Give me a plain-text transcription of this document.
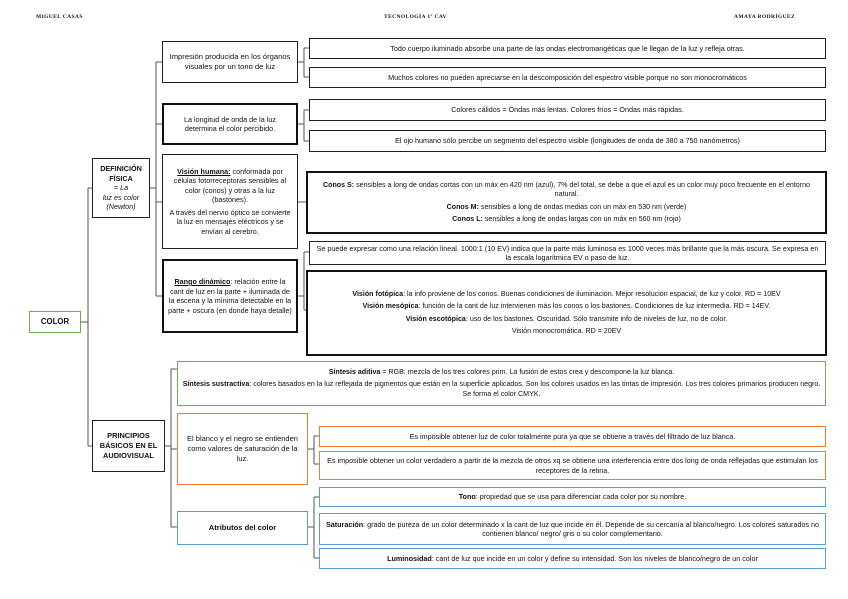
MIGUEL CASAS	TECNOLOGÍA 1º CAV	AMAYA RODRÍGUEZ
COLOR
DEFINICIÓN FÍSICA

= La

luz es color
(Newton)
Impresión producida en los órganos visuales por un tono de luz
Todo cuerpo iluminado absorbe una parte de las ondas electromangéticas que le llegan de la luz y refleja otras.
Muchos colores no pueden apreciarse en la descomposición del espectro visible porque no son monocromáticos
La longitud de onda de la luz determina el color percibido.
Colores cálidos = Ondas más lentas. Colores fríos = Ondas más rápidas.
El ojo humano sólo percibe un segmento del espectro visible (longitudes de onda de 380 a 750 nanómetros)

Visión humana: conformada por células fotorreceptoras sensibles al color (conos) y otras a la luz (bastones).

A través del nervio óptico se convierte la luz en mensajes eléctricos y se envían al cerebro.

Conos S: sensibles a long de ondas cortas con un máx en 420 nm (azul), 7% del total, se debe a que el azul es un color muy poco frecuente en el entorno natural.

Conos M: sensibles a long de ondas medias con un máx en 530 nm (verde)

Conos L: sensibles a long de ondas largas con un máx en 560 nm (rojo)

Rango dinámico: relación entre la cant de luz en la parte + iluminada de la escena y la mínima detectable en la parte + oscura (en donde haya detalle)
Se puede expresar como una relación lineal. 1000:1 (10 EV) indica que la parte más luminosa es 1000 veces más brillante que la más oscura. Se expresa en la escala logarítmica EV o paso de luz.

Visión fotópica: la info proviene de los conos. Buenas condiciones de iluminación. Mejor resolución espacial, de luz y color. RD = 10EV

Visión mesópica: función de la cant de luz intervienen más los conos o los bastones. Condiciones de luz intermedia. RD = 14EV.

Visión escotópica: uso de los bastones. Oscuridad. Sólo transmite info de niveles de luz, no de color.

Visión monocromática. RD = 20EV

PRINCIPIOS BÁSICOS EN EL AUDIOVISUAL

Síntesis aditiva = RGB: mezcla de los tres colores prim. La fusión de estos crea y descompone la luz blanca.

Síntesis sustractiva: colores basados en la luz reflejada de pigmentos que están en la superficie aplicados. Son los colores usados en las tintas de impresión. Los tres colores primarios producen negro. Se forma el color CMYK.

El blanco y el negro se entienden como valores de saturación de la luz.
Es imposible obtener luz de color totalmente pura ya que se obtiene a través del filtrado de luz blanca.
Es imposible obtener un color verdadero a partir de la mezcla de otros xq se obtiene una interferencia entre dos long de onda reflejadas que estimulan los receptores de la retina.
Atributos del color
Tono: propiedad que se usa para diferenciar cada color por su nombre.
Saturación: grado de pureza de un color determinado x la cant de luz que incide en él. Depende de su cercanía al blanco/negro. Los colores saturados no contienen blanco/ negro/ gris o su color complementario.
Luminosidad: cant de luz que incide en un color y define su intensidad. Son los niveles de blanco/negro de un color
